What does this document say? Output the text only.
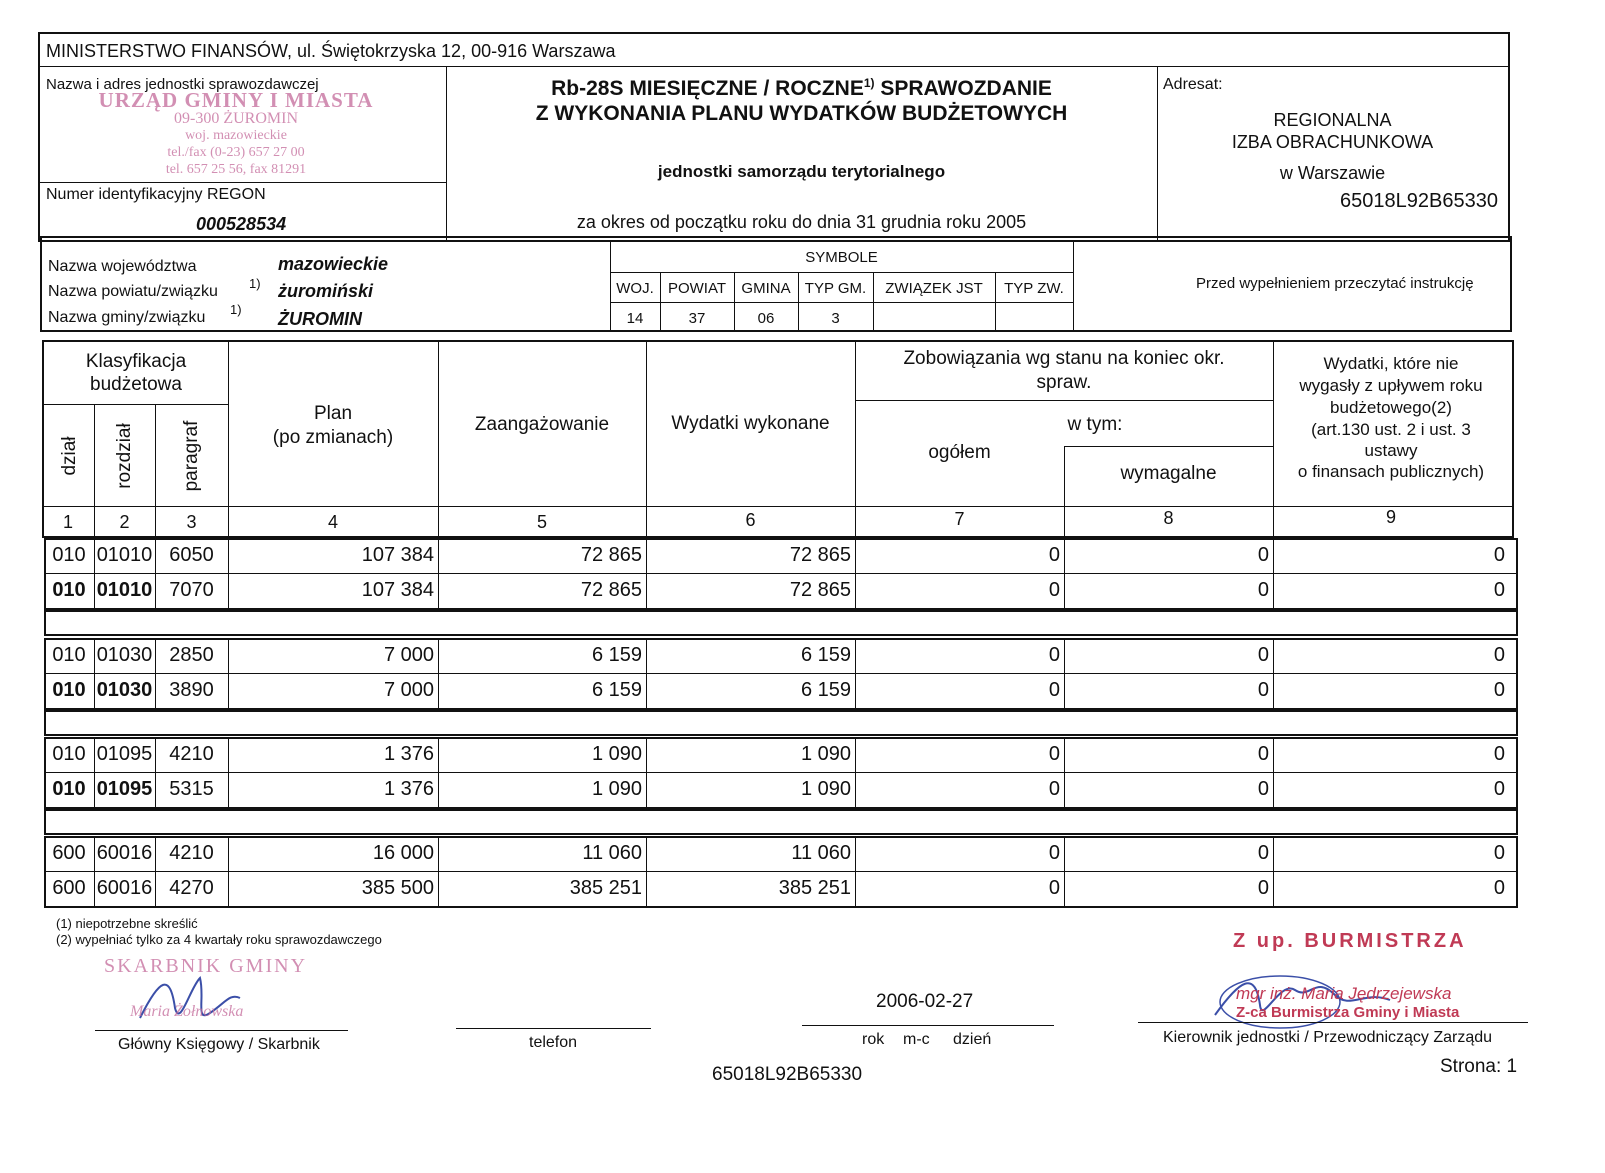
MINISTERSTWO FINANSÓW, ul. Świętokrzyska 12, 00-916 Warszawa
Nazwa i adres jednostki sprawozdawczej
URZĄD GMINY I MIASTA
09-300 ŻUROMIN
woj. mazowieckie
tel./fax (0-23) 657 27 00
tel. 657 25 56, fax 81291
Numer identyfikacyjny REGON
000528534
Rb-28S MIESIĘCZNE / ROCZNE$^{1)}$ SPRAWOZDANIE
Z WYKONANIA PLANU WYDATKÓW BUDŻETOWYCH
jednostki samorządu terytorialnego
za okres od początku roku do dnia 31 grudnia roku 2005
Adresat:
REGIONALNA
IZBA OBRACHUNKOWA
w Warszawie
65018L92B65330
Nazwa województwa	mazowieckie
Nazwa powiatu/związku 1) żuromiński
Nazwa gminy/związku 1) ŻUROMIN
SYMBOLE
WOJ. POWIAT	GMINA TYP GM.	ZWIĄZEK JST	TYP ZW.
14	37	06	3
Przed wypełnieniem przeczytać instrukcję
Klasyfikacja budżetowa
dział rozdział paragraf
Plan
(po zmianach)
Zaangażowanie	Wydatki wykonane
Zobowiązania wg stanu na koniec okr.
spraw.
w tym:
ogółem
wymagalne
Wydatki, które nie
wygasły z upływem roku
budżetowego(2)
(art.130 ust. 2 i ust. 3
ustawy
o finansach publicznych)
1	2	3	4	5	6	7	8	9
010 01010 6050	107 384	72 865	72 865	0	0	0
010 01010 7070	107 384	72 865	72 865	0	0	0
010 01030 2850	7 000	6 159	6 159	0	0	0
010 01030 3890	7 000	6 159	6 159	0	0	0
010 01095 4210	1 376	1 090	1 090	0	0	0
010 01095 5315	1 376	1 090	1 090	0	0	0
600 60016 4210	16 000	11 060	11 060	0	0	0
600 60016 4270	385 500	385 251	385 251	0	0	0
(1) niepotrzebne skreślić
(2) wypełniać tylko za 4 kwartały roku sprawozdawczego
SKARBNIK GMINY
Maria Żołnowska
Główny Księgowy / Skarbnik	telefon
2006-02-27
rok m-c dzień
Z up. BURMISTRZA
mgr inż. Maria Jędrzejewska
Z-ca Burmistrza Gminy i Miasta
Kierownik jednostki / Przewodniczący Zarządu
65018L92B65330	Strona: 1
